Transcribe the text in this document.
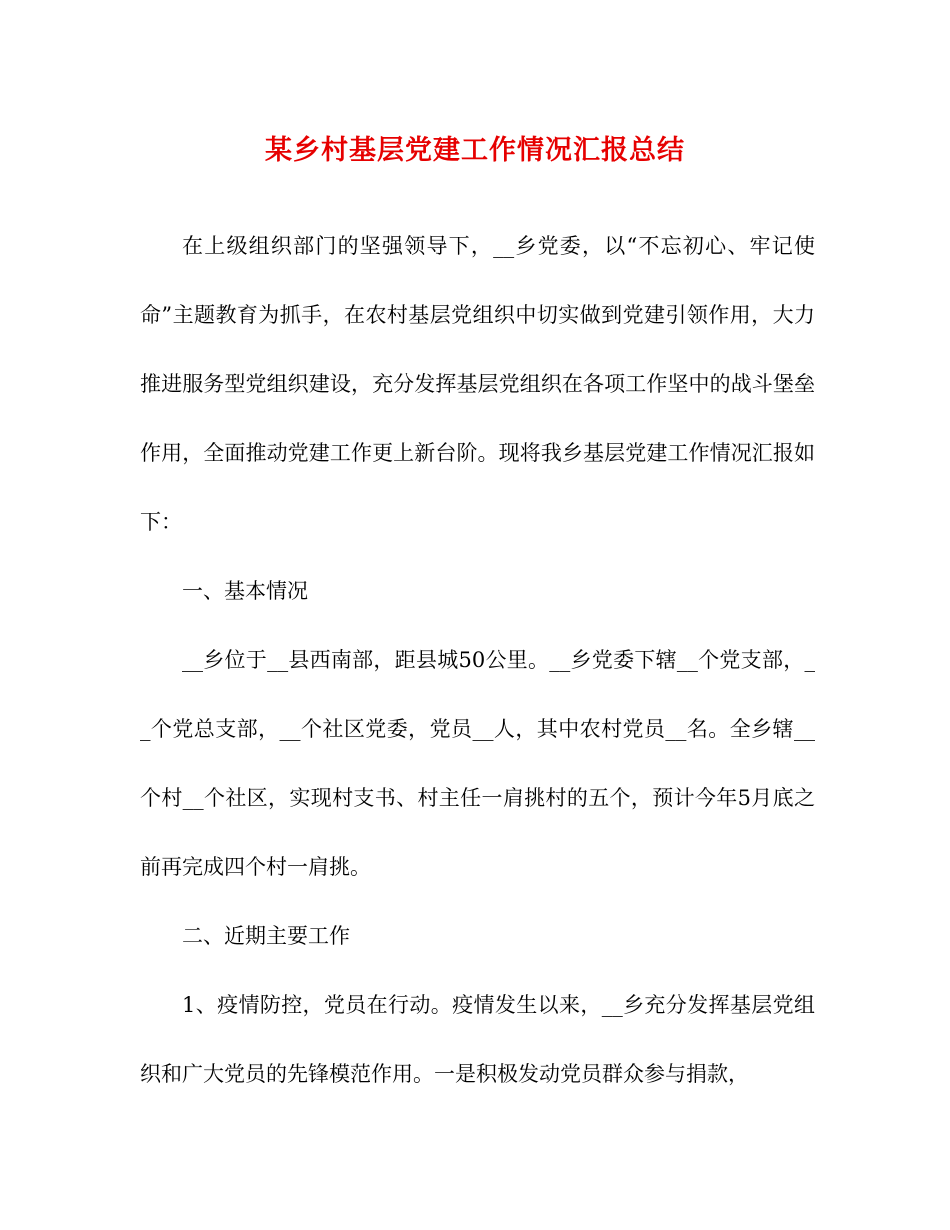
某乡村基层党建工作情况汇报总结

在上级组织部门的坚强领导下，__乡党委，以“不忘初心、牢记使命”主题教育为抓手，在农村基层党组织中切实做到党建引领作用，大力推进服务型党组织建设，充分发挥基层党组织在各项工作坚中的战斗堡垒作用，全面推动党建工作更上新台阶。现将我乡基层党建工作情况汇报如下：

一、基本情况

__乡位于__县西南部，距县城50公里。__乡党委下辖__个党支部，__个党总支部，__个社区党委，党员__人，其中农村党员__名。全乡辖__个村__个社区，实现村支书、村主任一肩挑村的五个，预计今年5月底之前再完成四个村一肩挑。

二、近期主要工作

1、疫情防控，党员在行动。疫情发生以来，__乡充分发挥基层党组织和广大党员的先锋模范作用。一是积极发动党员群众参与捐款，
